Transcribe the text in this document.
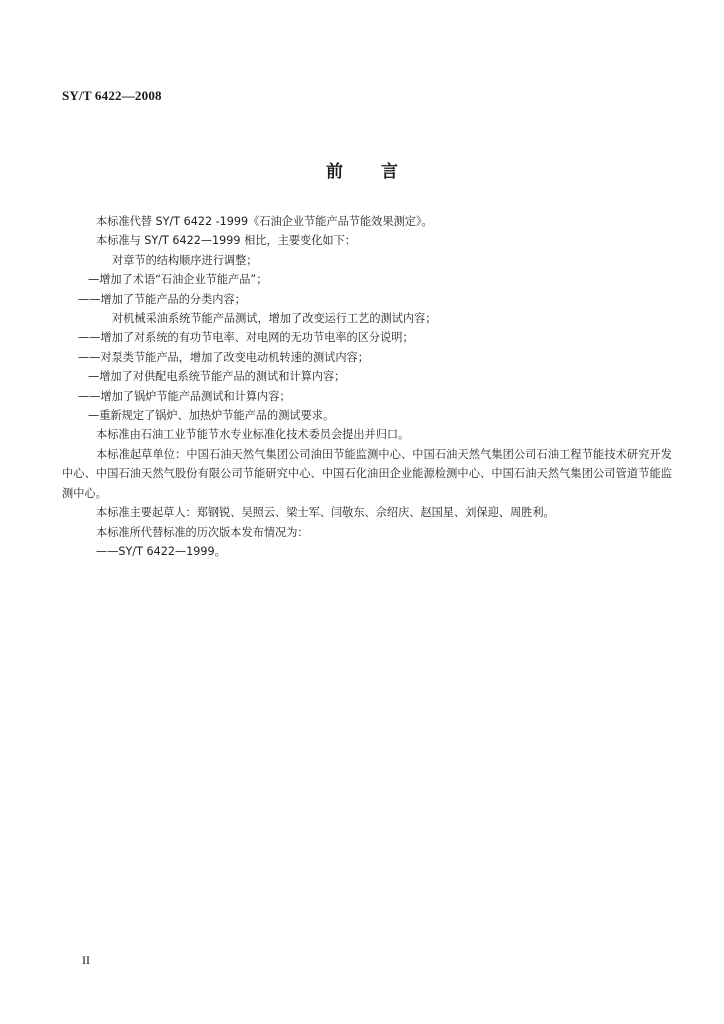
SY/T 6422—2008
前言

本标准代替 SY/T 6422 -1999《石油企业节能产品节能效果测定》。

本标准与 SY/T 6422—1999 相比，主要变化如下：

对章节的结构顺序进行调整；

—增加了术语“石油企业节能产品”；

——增加了节能产品的分类内容；

对机械采油系统节能产品测试，增加了改变运行工艺的测试内容；

——增加了对系统的有功节电率、对电网的无功节电率的区分说明；

——对泵类节能产品，增加了改变电动机转速的测试内容；

—增加了对供配电系统节能产品的测试和计算内容；

——增加了锅炉节能产品测试和计算内容；

—重新规定了锅炉、加热炉节能产品的测试要求。

本标准由石油工业节能节水专业标准化技术委员会提出并归口。

本标准起草单位：中国石油天然气集团公司油田节能监测中心、中国石油天然气集团公司石油工程节能技术研究开发中心、中国石油天然气股份有限公司节能研究中心、中国石化油田企业能源检测中心、中国石油天然气集团公司管道节能监测中心。

本标准主要起草人：郑钢锐、吴照云、梁士军、闫敬东、佘绍庆、赵国星、刘保迎、周胜利。

本标准所代替标准的历次版本发布情况为：

——SY/T 6422—1999。

II
